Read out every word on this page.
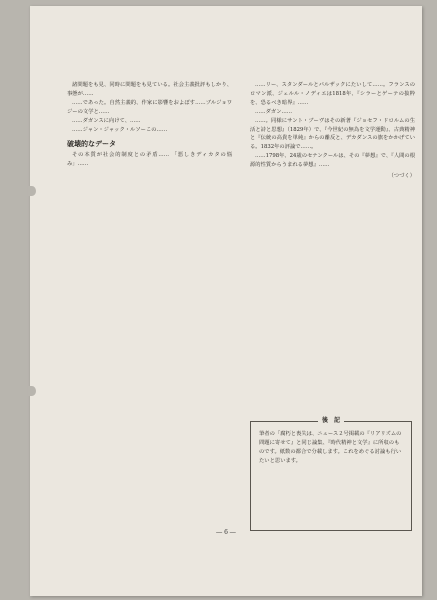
諸問題をも見、同時に問題をも見ている。社会主義批評もしかり、事態が……

……であった。自然主義的、作家に影響をおよぼす……ブルジョワジーの文学と……

……ダガンスに向けて、……

……ジャン・ジャック・ルソーこの……

破壊的なデータ

その本質が社会的制度との矛盾…… 「悪しきディカタの悩み」……

……リー、スタンダールとバルザックにたいして……。フランスのロマン派、ジェルル・ノディエは1818年、『シラーとゲーテの抜粋を、恐るべき暗界』……

……ダガン……

……。同様にサント・ブーヴはその新著『ジョセフ・ドロルムの生活と詩と思想』（1829年）で、『今世紀の無為を文学運動』、古典精神と『伝統の高貴を単純』からの離反と、デカダンスの旗をかかげている。1832年の評論で……。

……1798年、24歳のセナンクールは、その『夢想』で、『人間の根源的性質からうまれる夢想』……

（つづく）
後　記
筆者の「腐朽と喪失は、ニュース２号掲載の『リアリズムの問題に寄せて』と同じ論集、『時代精神と文学』に所収のものです。紙数の都合で分載します。これをめぐる討論も行いたいと思います。
― 6 ―
